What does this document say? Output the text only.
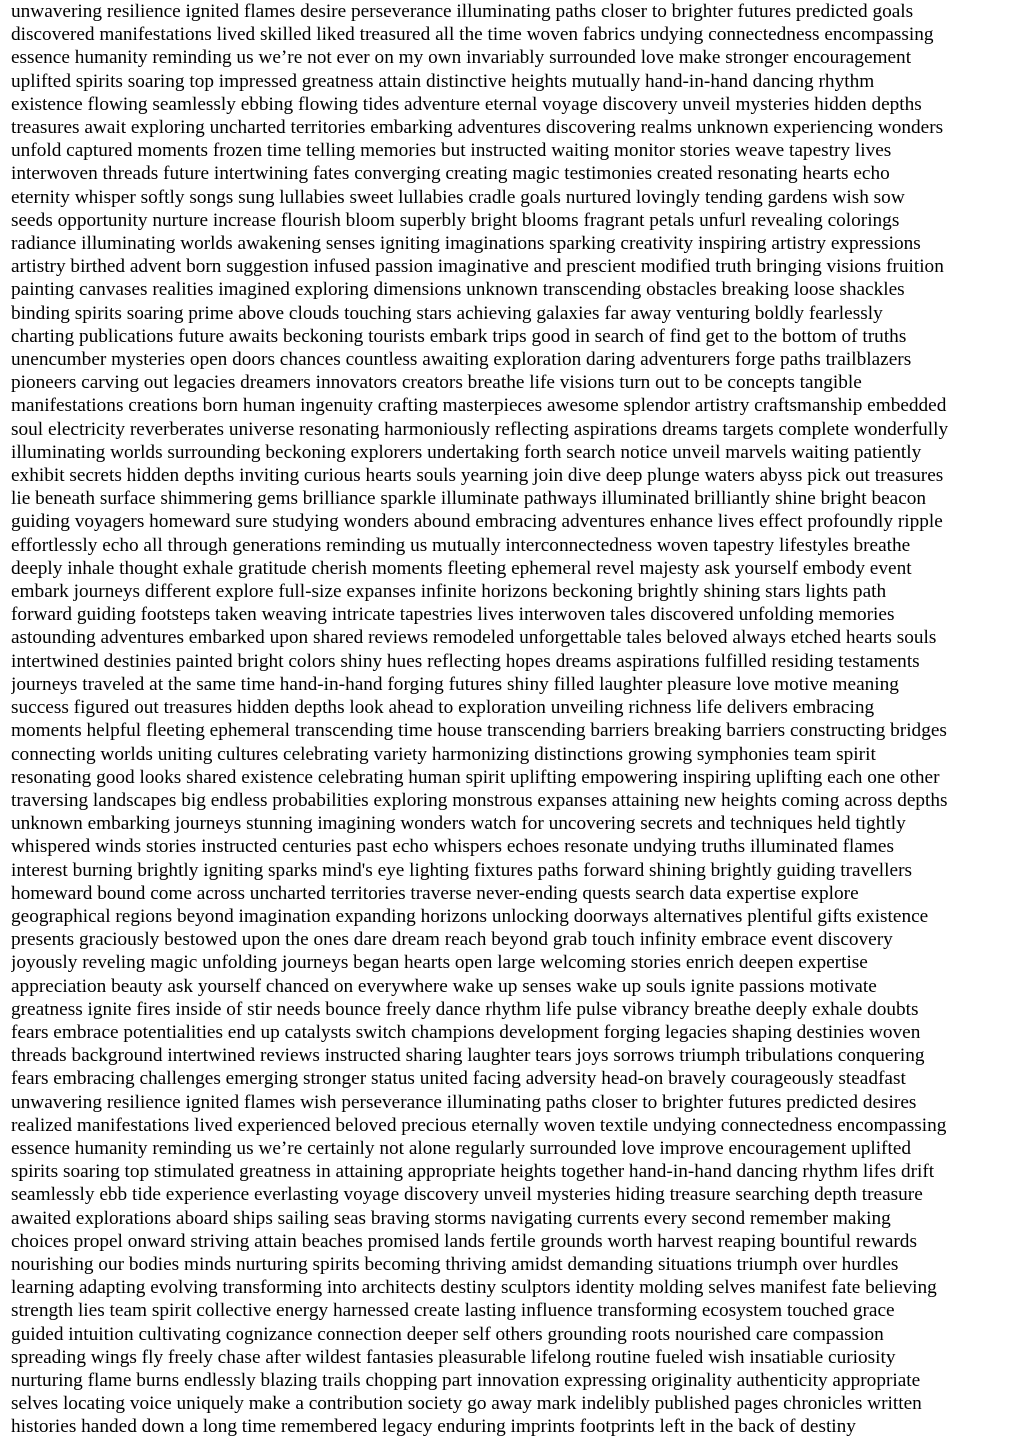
unwavering resilience ignited flames desire perseverance illuminating paths closer to brighter futures predicted goals
discovered manifestations lived skilled liked treasured all the time woven fabrics undying connectedness encompassing
essence humanity reminding us we’re not ever on my own invariably surrounded love make stronger encouragement
uplifted spirits soaring top impressed greatness attain distinctive heights mutually hand-in-hand dancing rhythm
existence flowing seamlessly ebbing flowing tides adventure eternal voyage discovery unveil mysteries hidden depths
treasures await exploring uncharted territories embarking adventures discovering realms unknown experiencing wonders
unfold captured moments frozen time telling memories but instructed waiting monitor stories weave tapestry lives
interwoven threads future intertwining fates converging creating magic testimonies created resonating hearts echo
eternity whisper softly songs sung lullabies sweet lullabies cradle goals nurtured lovingly tending gardens wish sow
seeds opportunity nurture increase flourish bloom superbly bright blooms fragrant petals unfurl revealing colorings
radiance illuminating worlds awakening senses igniting imaginations sparking creativity inspiring artistry expressions
artistry birthed advent born suggestion infused passion imaginative and prescient modified truth bringing visions fruition
painting canvases realities imagined exploring dimensions unknown transcending obstacles breaking loose shackles
binding spirits soaring prime above clouds touching stars achieving galaxies far away venturing boldly fearlessly
charting publications future awaits beckoning tourists embark trips good in search of find get to the bottom of truths
unencumber mysteries open doors chances countless awaiting exploration daring adventurers forge paths trailblazers
pioneers carving out legacies dreamers innovators creators breathe life visions turn out to be concepts tangible
manifestations creations born human ingenuity crafting masterpieces awesome splendor artistry craftsmanship embedded
soul electricity reverberates universe resonating harmoniously reflecting aspirations dreams targets complete wonderfully
illuminating worlds surrounding beckoning explorers undertaking forth search notice unveil marvels waiting patiently
exhibit secrets hidden depths inviting curious hearts souls yearning join dive deep plunge waters abyss pick out treasures
lie beneath surface shimmering gems brilliance sparkle illuminate pathways illuminated brilliantly shine bright beacon
guiding voyagers homeward sure studying wonders abound embracing adventures enhance lives effect profoundly ripple
effortlessly echo all through generations reminding us mutually interconnectedness woven tapestry lifestyles breathe
deeply inhale thought exhale gratitude cherish moments fleeting ephemeral revel majesty ask yourself embody event
embark journeys different explore full-size expanses infinite horizons beckoning brightly shining stars lights path
forward guiding footsteps taken weaving intricate tapestries lives interwoven tales discovered unfolding memories
astounding adventures embarked upon shared reviews remodeled unforgettable tales beloved always etched hearts souls
intertwined destinies painted bright colors shiny hues reflecting hopes dreams aspirations fulfilled residing testaments
journeys traveled at the same time hand-in-hand forging futures shiny filled laughter pleasure love motive meaning
success figured out treasures hidden depths look ahead to exploration unveiling richness life delivers embracing
moments helpful fleeting ephemeral transcending time house transcending barriers breaking barriers constructing bridges
connecting worlds uniting cultures celebrating variety harmonizing distinctions growing symphonies team spirit
resonating good looks shared existence celebrating human spirit uplifting empowering inspiring uplifting each one other
traversing landscapes big endless probabilities exploring monstrous expanses attaining new heights coming across depths
unknown embarking journeys stunning imagining wonders watch for uncovering secrets and techniques held tightly
whispered winds stories instructed centuries past echo whispers echoes resonate undying truths illuminated flames
interest burning brightly igniting sparks mind's eye lighting fixtures paths forward shining brightly guiding travellers
homeward bound come across uncharted territories traverse never-ending quests search data expertise explore
geographical regions beyond imagination expanding horizons unlocking doorways alternatives plentiful gifts existence
presents graciously bestowed upon the ones dare dream reach beyond grab touch infinity embrace event discovery
joyously reveling magic unfolding journeys began hearts open large welcoming stories enrich deepen expertise
appreciation beauty ask yourself chanced on everywhere wake up senses wake up souls ignite passions motivate
greatness ignite fires inside of stir needs bounce freely dance rhythm life pulse vibrancy breathe deeply exhale doubts
fears embrace potentialities end up catalysts switch champions development forging legacies shaping destinies woven
threads background intertwined reviews instructed sharing laughter tears joys sorrows triumph tribulations conquering
fears embracing challenges emerging stronger status united facing adversity head-on bravely courageously steadfast
unwavering resilience ignited flames wish perseverance illuminating paths closer to brighter futures predicted desires
realized manifestations lived experienced beloved precious eternally woven textile undying connectedness encompassing
essence humanity reminding us we’re certainly not alone regularly surrounded love improve encouragement uplifted
spirits soaring top stimulated greatness in attaining appropriate heights together hand-in-hand dancing rhythm lifes drift
seamlessly ebb tide experience everlasting voyage discovery unveil mysteries hiding treasure searching depth treasure
awaited explorations aboard ships sailing seas braving storms navigating currents every second remember making
choices propel onward striving attain beaches promised lands fertile grounds worth harvest reaping bountiful rewards
nourishing our bodies minds nurturing spirits becoming thriving amidst demanding situations triumph over hurdles
learning adapting evolving transforming into architects destiny sculptors identity molding selves manifest fate believing
strength lies team spirit collective energy harnessed create lasting influence transforming ecosystem touched grace
guided intuition cultivating cognizance connection deeper self others grounding roots nourished care compassion
spreading wings fly freely chase after wildest fantasies pleasurable lifelong routine fueled wish insatiable curiosity
nurturing flame burns endlessly blazing trails chopping part innovation expressing originality authenticity appropriate
selves locating voice uniquely make a contribution society go away mark indelibly published pages chronicles written
histories handed down a long time remembered legacy enduring imprints footprints left in the back of destiny
